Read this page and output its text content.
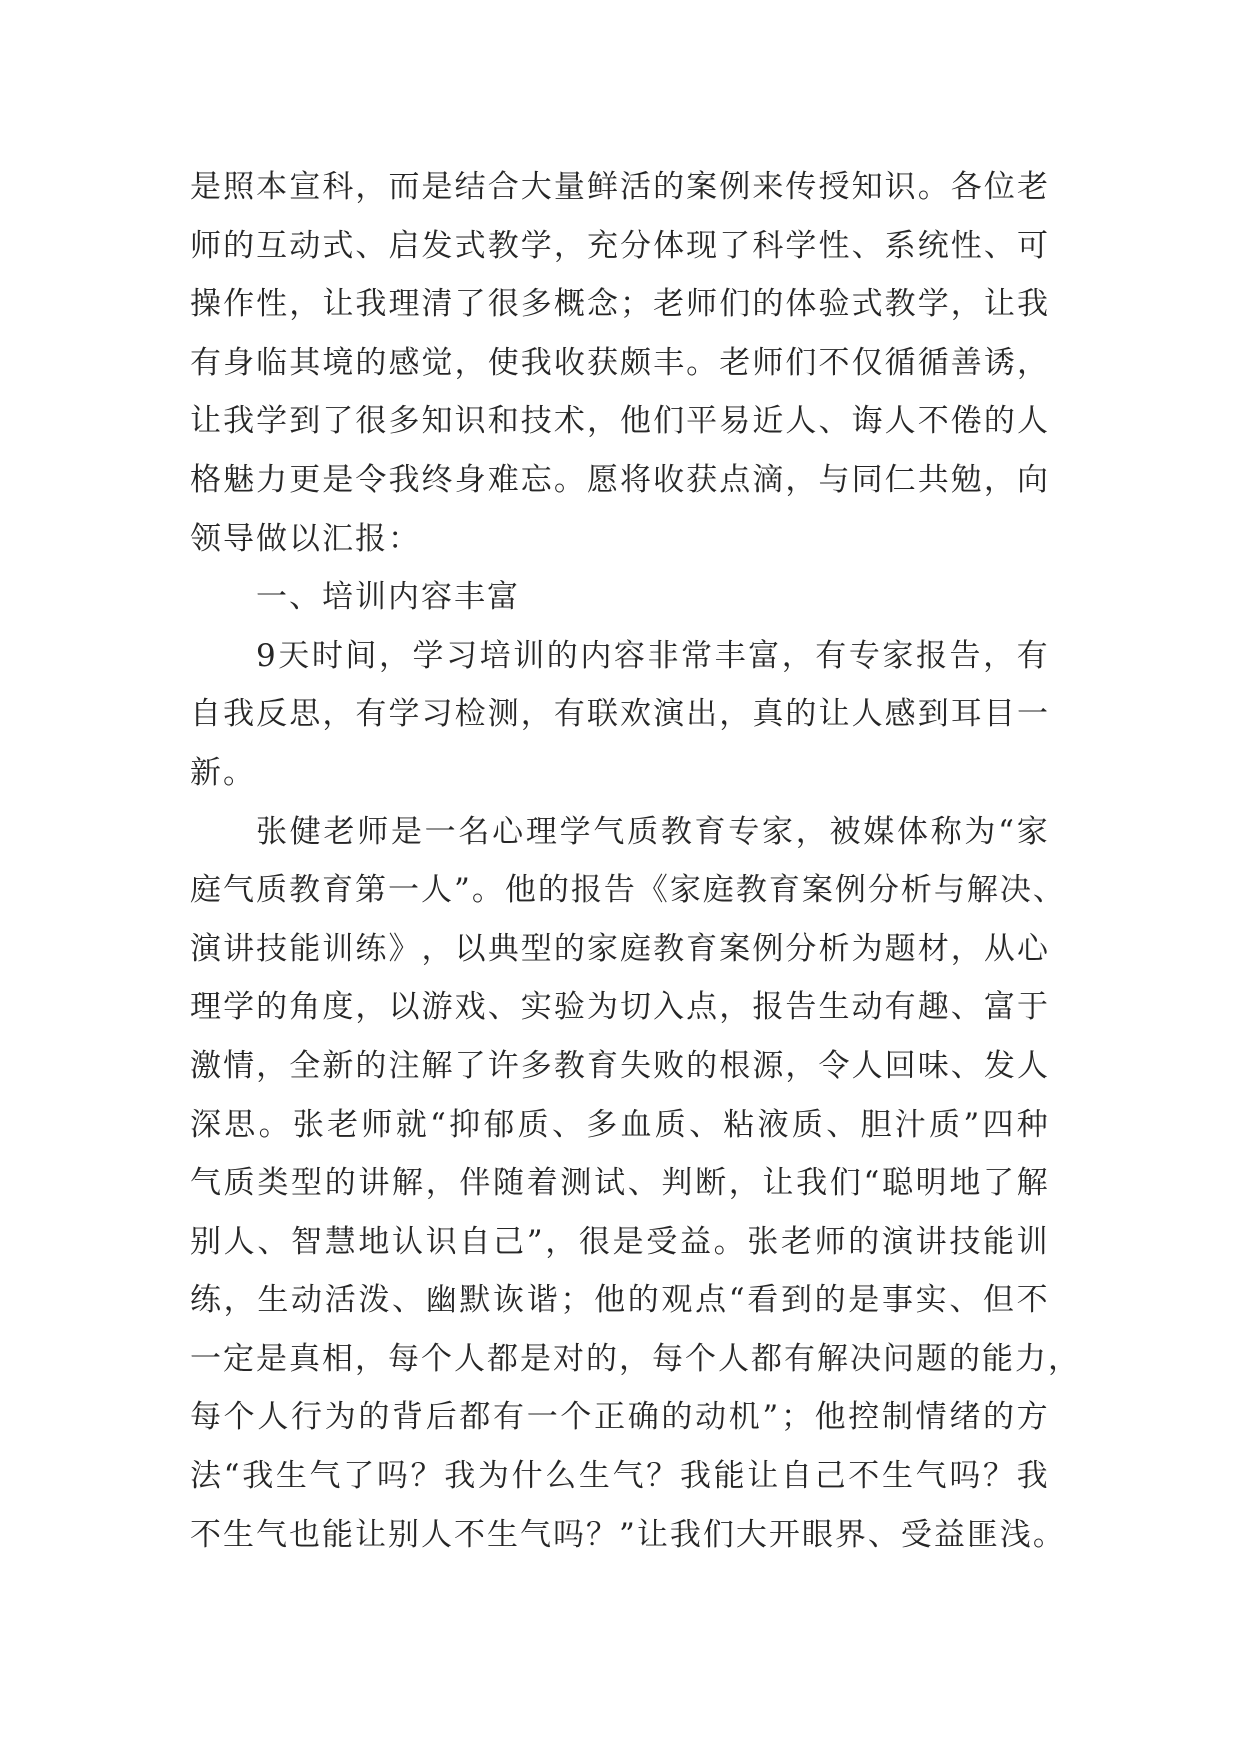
是 照 本 宣 科 ， 而 是 结 合 大 量 鲜 活 的 案 例 来 传 授 知 识 。 各 位 老
师 的 互 动 式 、 启 发 式 教 学 ， 充 分 体 现 了 科 学 性 、 系 统 性 、 可
操 作 性 ， 让 我 理 清 了 很 多 概 念 ； 老 师 们 的 体 验 式 教 学 ， 让 我
有 身 临 其 境 的 感 觉 ， 使 我 收 获 颇 丰 。 老 师 们 不 仅 循 循 善 诱 ，
让 我 学 到 了 很 多 知 识 和 技 术 ， 他 们 平 易 近 人 、 诲 人 不 倦 的 人
格 魅 力 更 是 令 我 终 身 难 忘 。 愿 将 收 获 点 滴 ， 与 同 仁 共 勉 ， 向
领导做以汇报：
一、培训内容丰富
9 天 时 间 ， 学 习 培 训 的 内 容 非 常 丰 富 ， 有 专 家 报 告 ， 有
自 我 反 思 ， 有 学 习 检 测 ， 有 联 欢 演 出 ， 真 的 让 人 感 到 耳 目 一
新。
张 健 老 师 是 一 名 心 理 学 气 质 教 育 专 家 ， 被 媒 体 称 为 “ 家
庭 气 质 教 育 第 一 人 ” 。 他 的 报 告 《 家 庭 教 育 案 例 分 析 与 解 决 、
演 讲 技 能 训 练 》 ， 以 典 型 的 家 庭 教 育 案 例 分 析 为 题 材 ， 从 心
理 学 的 角 度 ， 以 游 戏 、 实 验 为 切 入 点 ， 报 告 生 动 有 趣 、 富 于
激 情 ， 全 新 的 注 解 了 许 多 教 育 失 败 的 根 源 ， 令 人 回 味 、 发 人
深 思 。 张 老 师 就 “ 抑 郁 质 、 多 血 质 、 粘 液 质 、 胆 汁 质 ” 四 种
气 质 类 型 的 讲 解 ， 伴 随 着 测 试 、 判 断 ， 让 我 们 “ 聪 明 地 了 解
别 人 、 智 慧 地 认 识 自 己 ” ， 很 是 受 益 。 张 老 师 的 演 讲 技 能 训
练 ， 生 动 活 泼 、 幽 默 诙 谐 ； 他 的 观 点 “ 看 到 的 是 事 实 、 但 不
一 定 是 真 相 ， 每 个 人 都 是 对 的 ， 每 个 人 都 有 解 决 问 题 的 能 力 ，
每 个 人 行 为 的 背 后 都 有 一 个 正 确 的 动 机 ” ； 他 控 制 情 绪 的 方
法 “ 我 生 气 了 吗 ？ 我 为 什 么 生 气 ？ 我 能 让 自 己 不 生 气 吗 ？ 我
不 生 气 也 能 让 别 人 不 生 气 吗 ？ ” 让 我 们 大 开 眼 界 、 受 益 匪 浅 。
